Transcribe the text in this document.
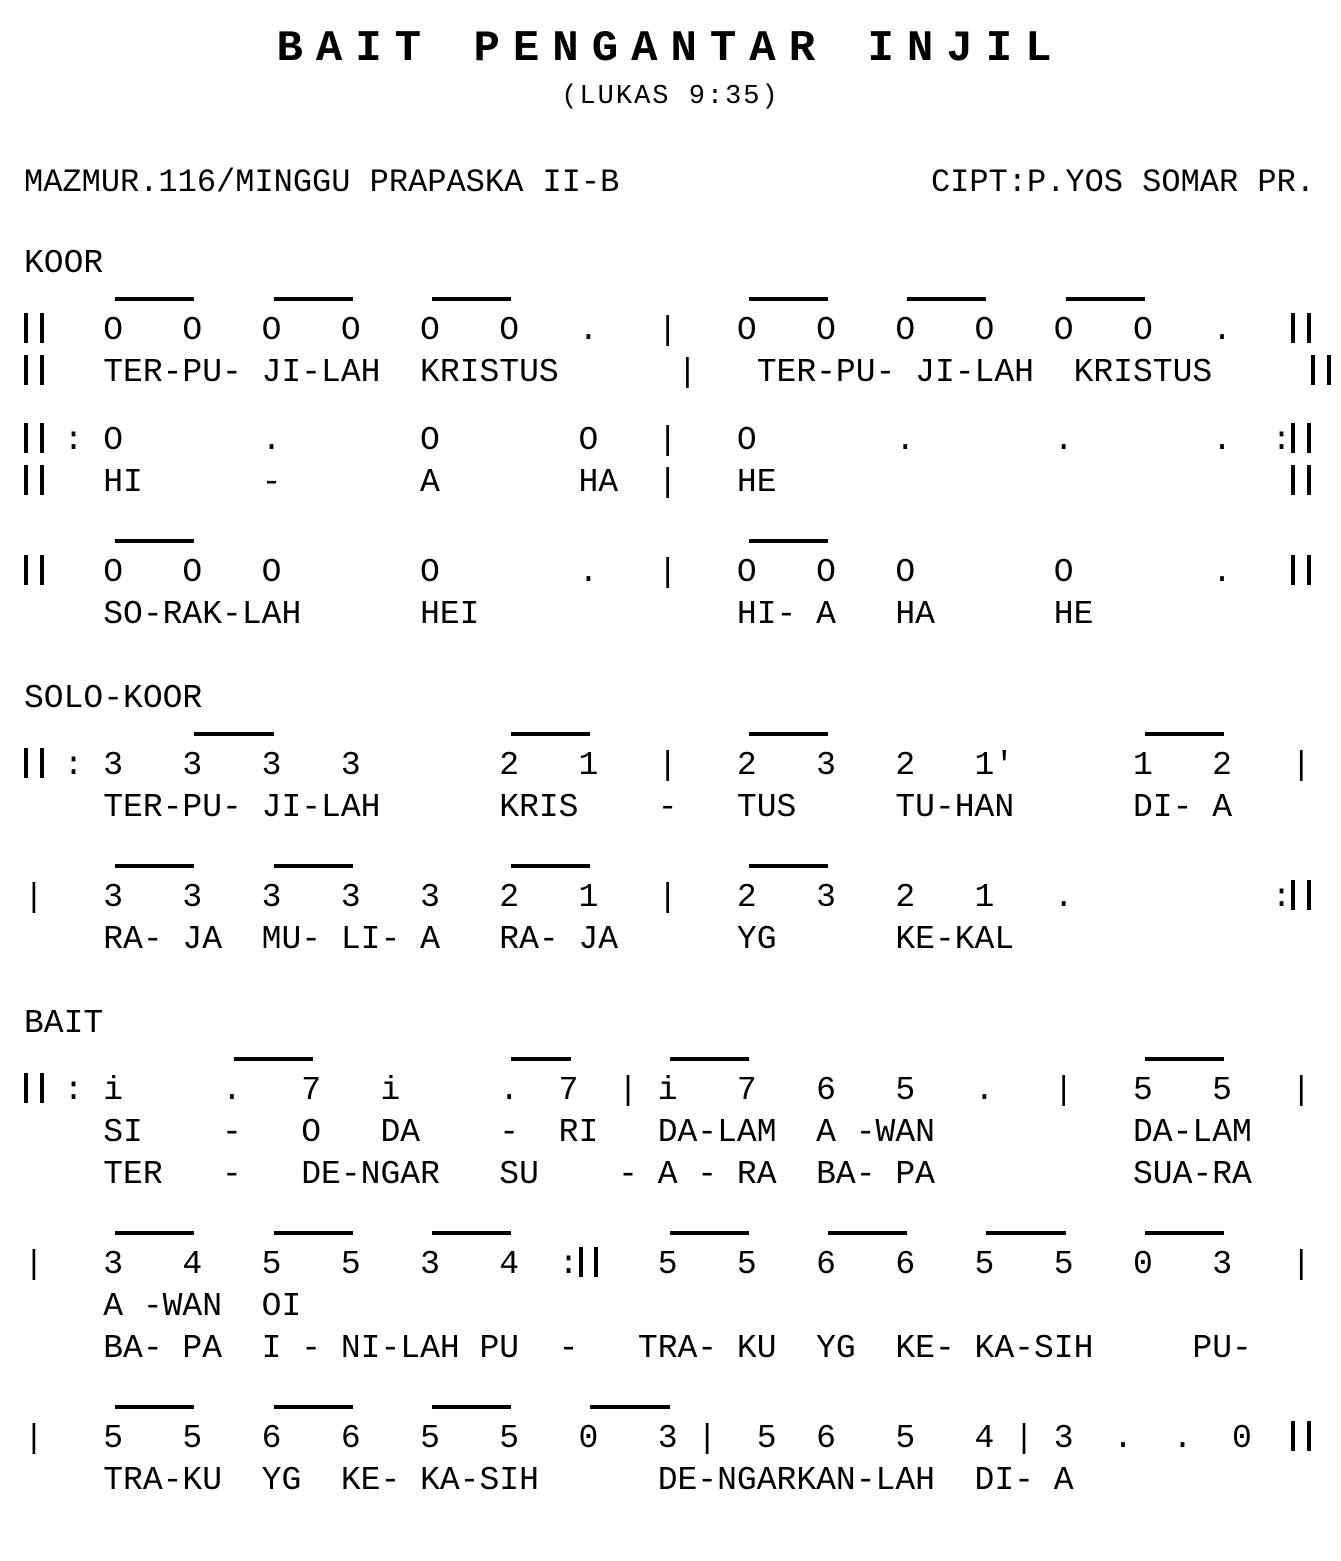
BAIT PENGANTAR INJIL
(LUKAS 9:35)
MAZMUR.116/MINGGU PRAPASKA II-B	CIPT:P.YOS SOMAR PR.
KOOR
O   O   O   O   O   O   .   |   O   O   O   O   O   O   .
TER-PU- JI-LAH  KRISTUS      |   TER-PU- JI-LAH  KRISTUS
: O       .       O       O   |   O       .       .       .  :
HI      -       A       HA  |   HE
O   O   O       O       .   |   O   O   O       O       .
SO-RAK-LAH      HEI             HI- A   HA      HE
SOLO-KOOR
: 3   3   3   3       2   1   |   2   3   2   1'      1   2   |
TER-PU- JI-LAH      KRIS    -   TUS     TU-HAN      DI- A
|   3   3   3   3   3   2   1   |   2   3   2   1   .          :
RA- JA  MU- LI- A   RA- JA      YG      KE-KAL
BAIT
: i     .   7   i     .  7  | i   7   6   5   .   |   5   5   |
SI    -   O   DA    -  RI   DA-LAM  A -WAN          DA-LAM
TER   -   DE-NGAR   SU    - A - RA  BA- PA          SUA-RA
|   3   4   5   5   3   4  :   5   5   6   6   5   5   0   3   |
A -WAN  OI
BA- PA  I - NI-LAH PU  -   TRA- KU  YG  KE- KA-SIH     PU-
|   5   5   6   6   5   5   0   3 |  5  6   5   4 | 3  .  .  0
TRA-KU  YG  KE- KA-SIH      DE-NGARKAN-LAH  DI- A
